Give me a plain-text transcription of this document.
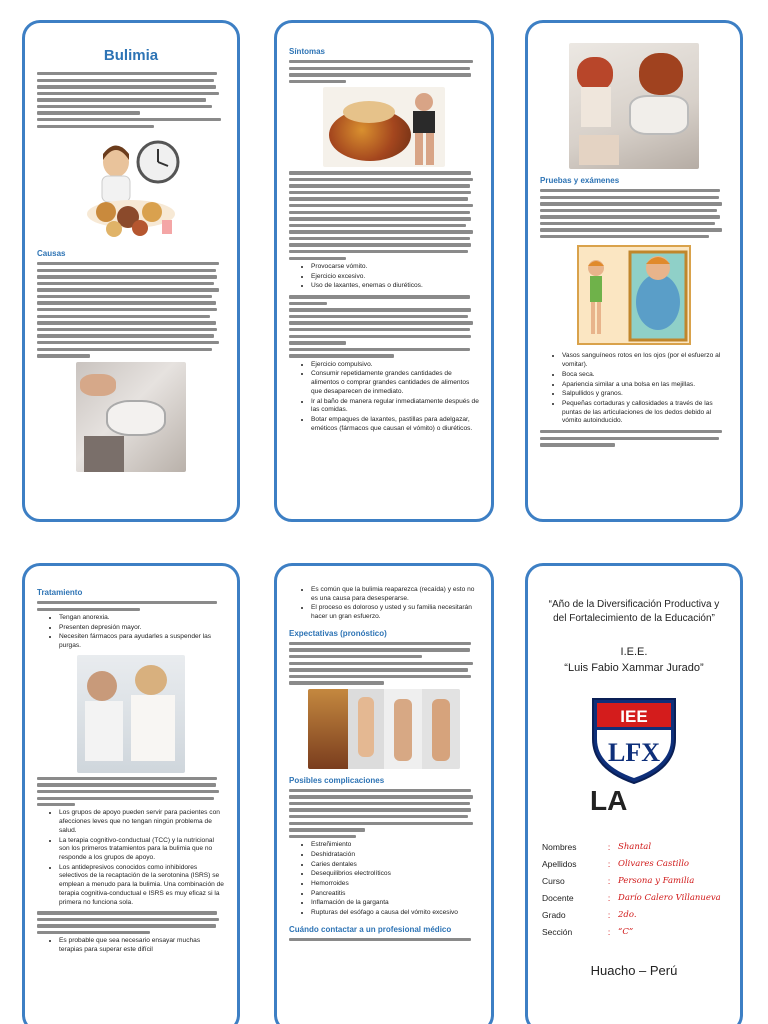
Bulimia
Causas
Síntomas
• Provocarse vómito.
• Ejercicio excesivo.
• Uso de laxantes, enemas o diuréticos.
• Ejercicio compulsivo.
• Consumir repetidamente grandes cantidades de alimentos o comprar grandes cantidades de alimentos que desaparecen de inmediato.
• Ir al baño de manera regular inmediatamente después de las comidas.
• Botar empaques de laxantes, pastillas para adelgazar, eméticos (fármacos que causan el vómito) o diuréticos.
Pruebas y exámenes
• Vasos sanguíneos rotos en los ojos (por el esfuerzo al vomitar).
• Boca seca.
• Apariencia similar a una bolsa en las mejillas.
• Salpullidos y granos.
• Pequeñas cortaduras y callosidades a través de las puntas de las articulaciones de los dedos debido al vómito autoinducido.
Tratamiento
• Tengan anorexia.
• Presenten depresión mayor.
• Necesiten fármacos para ayudarles a suspender las purgas.
• Los grupos de apoyo pueden servir para pacientes con afecciones leves que no tengan ningún problema de salud.
• La terapia cognitivo-conductual (TCC) y la nutricional son los primeros tratamientos para la bulimia que no responde a los grupos de apoyo.
• Los antidepresivos conocidos como inhibidores selectivos de la recaptación de la serotonina (ISRS) se emplean a menudo para la bulimia. Una combinación de terapia cognitiva-conductual e ISRS es muy eficaz si la primera no funciona sola.
• Es probable que sea necesario ensayar muchas terapias para superar este difícil
• Es común que la bulimia reaparezca (recaída) y esto no es una causa para desesperarse.
• El proceso es doloroso y usted y su familia necesitarán hacer un gran esfuerzo.
Expectativas (pronóstico)
Posibles complicaciones
• Estreñimiento
• Deshidratación
• Caries dentales
• Desequilibrios electrolíticos
• Hemorroides
• Pancreatitis
• Inflamación de la garganta
• Rupturas del esófago a causa del vómito excesivo
Cuándo contactar a un profesional médico
“Año de la Diversificación Productiva y del Fortalecimiento de la Educación”
I.E.E.
“Luis Fabio Xammar Jurado”
IEE
LFX
LA
Nombres	:	Shantal
Apellidos	:	Olivares Castillo
Curso	:	Persona y Familia
Docente	:	Darío Calero Villanueva
Grado	:	2do.
Sección	:	“C”
Huacho – Perú
